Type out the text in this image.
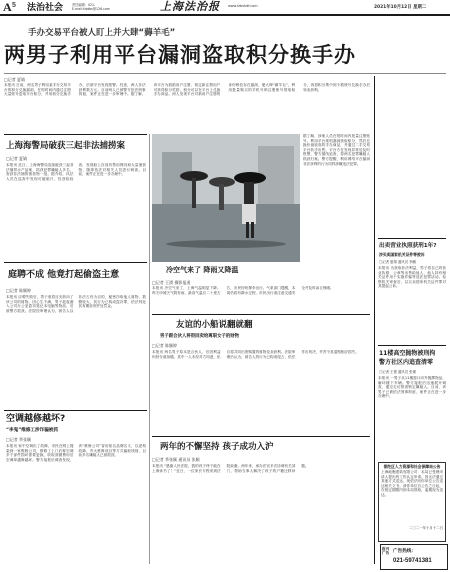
A 5 法治社会	责任编辑：021-
E-mail:fzbtbs@126.com	上海法治报 www.fzbshdf.com	2021年10月12日 星期二
手办交易平台被人盯上并大肆“薅羊毛”
两男子利用平台漏洞盗取积分换手办
□记者 夏婧

本报讯 日前，两名男子利用某手办交易平台的积分兑换漏洞，在短时间内通过注册大量账号盗取平台积分，并用积分兑换手办，后被平台发现报警。经查，两人非法获利数万元。目前两人已被警方依法刑事拘留，案件正在进一步审理中。据了解，该平台为鼓励用户注册，规定新注册用户可获得积分奖励，积分可以在平台上兑换手办商品。两人发现平台对新用户注册的身份核验存在漏洞，便大肆“薅羊毛”，利用批量购买的手机号码注册账号领取积分，再将积分集中到少数账号兑换手办后转卖获利。

上海海警局破获三起非法捕捞案
□记者 夏婧

本报讯 近日，上海海警局连续破获三起非法捕捞水产品案，抓获犯罪嫌疑人多名，查获非法捕捞渔获物一批。据介绍，执法人员在巡查中发现可疑船只，经登临检查，发现船上存放有禁用网具和大量渔获物，随即依法对相关人员进行调查。目前，案件正在进一步办理中。

庭聘不成 他竟打起偷盗主意
□记者 陈颖婷

本报讯 应聘失败后，男子竟将目光转向了该公司的财物。因心生不满，男子趁夜潜入公司办公室盗窃笔记本电脑等物品，后被警方抓获。法院经审理认为，被告人以非法占有为目的，秘密窃取他人财物，数额较大，其行为已构成盗窃罪，依法判处其有期徒刑并处罚金。

空调越修越坏?
“李鬼”维修工涉诈骗被抓
□记者 季张颖

本报讯 家中空调出了故障，市民在网上搜索到一家维修公司，维修工上门后称空调多个部件损坏需要更换，收取高额费用后空调却越修越坏。警方接报后调查发现，该“维修公司”冒用知名品牌名义，以虚构故障、夸大维修项目等方式骗取钱财，目前多名嫌疑人已被抓获。

冷空气来了 降雨又降温
□记者 王湧 摄影报道

本报讯 冷空气来了，上海气温明显下降。昨天申城天气阴有雨，最高气温仅二十度左右，市民纷纷撑伞出行。气象部门提醒，本周仍将有降水过程，市民出行请注意交通安全并及时添衣保暖。

据了解，涉案人员在短时间内批量注册账号，利用平台规则漏洞获取积分，然后兑换价值较高的手办商品，并通过二手交易平台转手出售。平台方在发现异常后及时报警，警方循线追查，将两名犯罪嫌疑人抓获归案。警方提醒，利用网络平台漏洞非法获利的行为同样涉嫌违法犯罪。

友谊的小船说翻就翻
男子跟合伙人将很回卖给离职女子的财物
□记者 陈颖婷

本报讯 两名男子原本是合伙人，后因利益纠纷分道扬镳。其中一人未经对方同意，私自将共同出资购置的财物变卖获利。法院审理后认为，被告人的行为已构成侵占，依法作出判决，并责令其退赔相应损失。

两年的不懈坚持 孩子成功入沪
□记者 季张颖 通讯员 张颖

本报讯 “感谢人民法院，我的孩子终于能在上海读书了！”近日，一位家长专程来到法院致谢。两年来，承办法官多次协调有关部门，帮助当事人解决了孩子的户籍迁移问题。

出卖营业执照获刑1年?
涉买卖国家机关证件等被诉
□记者 夏婧 通讯员 李鹏

本报讯 为获取非法利益，男子将自己的营业执照、公章等出售给他人，他人持有相关证件用于实施诈骗等违法犯罪活动。检察机关审查后，以买卖国家机关证件罪对其提起公诉。

11楼高空抛物被刑拘
警方社区内追查清零
□记者 王蕾 通讯员 张瑾

本报讯 一男子从11楼窗口向外抛掷物品，砸坏楼下车辆。警方接报后迅速展开调查，通过走访排查锁定嫌疑人。目前，该男子已被依法刑事拘留，案件正在进一步办理中。

普陀区人力资源和社会保障局公告

上海地衡建筑有限公司：本局已受理申请人提出的工伤认定申请。因无法通过其他方式送达，现依法向你单位公告送达相关文书。请你单位自公告之日起，在规定期限内到本局领取，逾期视为送达。

二〇二一年十月十二日
报刊广告 广告热线：
021-59741381
